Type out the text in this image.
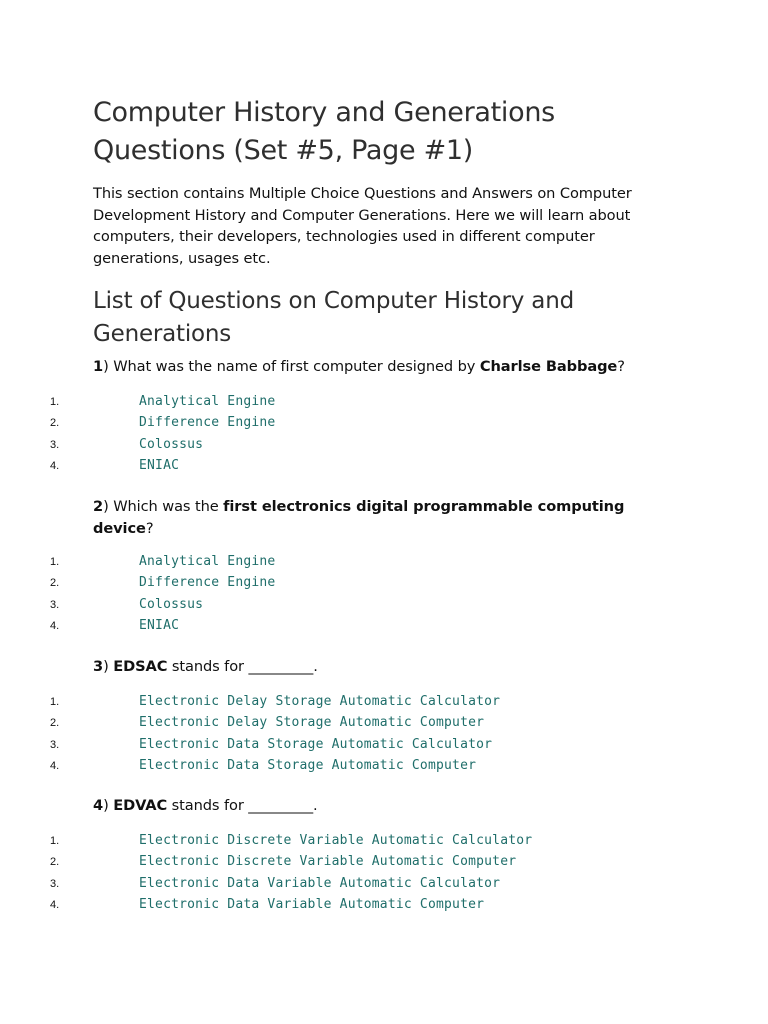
Computer History and Generations Questions (Set #5, Page #1)

This section contains Multiple Choice Questions and Answers on Computer Development History and Computer Generations. Here we will learn about computers, their developers, technologies used in different computer generations, usages etc.

List of Questions on Computer History and Generations

1) What was the name of first computer designed by Charlse Babbage?

1.	Analytical Engine
2.	Difference Engine
3.	Colossus
4.	ENIAC

2) Which was the first electronics digital programmable computing device?

1.	Analytical Engine
2.	Difference Engine
3.	Colossus
4.	ENIAC

3) EDSAC stands for _________.

1.	Electronic Delay Storage Automatic Calculator
2.	Electronic Delay Storage Automatic Computer
3.	Electronic Data Storage Automatic Calculator
4.	Electronic Data Storage Automatic Computer

4) EDVAC stands for _________.

1.	Electronic Discrete Variable Automatic Calculator
2.	Electronic Discrete Variable Automatic Computer
3.	Electronic Data Variable Automatic Calculator
4.	Electronic Data Variable Automatic Computer
